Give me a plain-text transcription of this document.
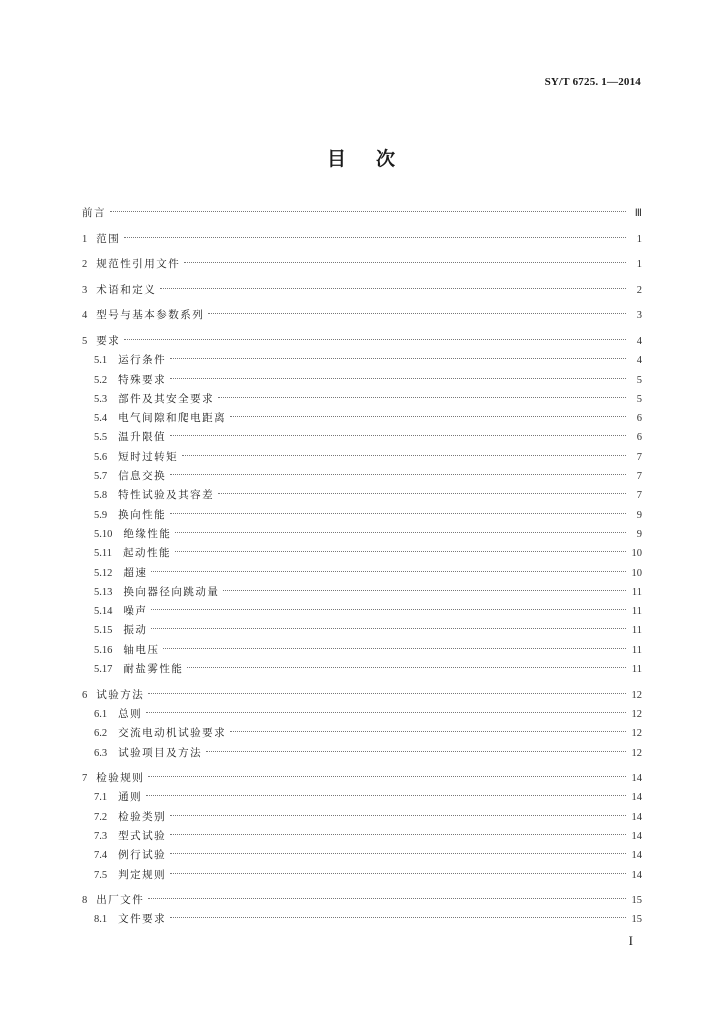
SY/T 6725. 1—2014
目 次
前言	Ⅲ
1 范围	1
2 规范性引用文件	1
3 术语和定义	2
4 型号与基本参数系列	3
5 要求	4
5.1 运行条件	4
5.2 特殊要求	5
5.3 部件及其安全要求	5
5.4 电气间隙和爬电距离	6
5.5 温升限值	6
5.6 短时过转矩	7
5.7 信息交换	7
5.8 特性试验及其容差	7
5.9 换向性能	9
5.10 绝缘性能	9
5.11 起动性能	10
5.12 超速	10
5.13 换向器径向跳动量	11
5.14 噪声	11
5.15 振动	11
5.16 轴电压	11
5.17 耐盐雾性能	11
6 试验方法	12
6.1 总则	12
6.2 交流电动机试验要求	12
6.3 试验项目及方法	12
7 检验规则	14
7.1 通则	14
7.2 检验类别	14
7.3 型式试验	14
7.4 例行试验	14
7.5 判定规则	14
8 出厂文件	15
8.1 文件要求	15
I
